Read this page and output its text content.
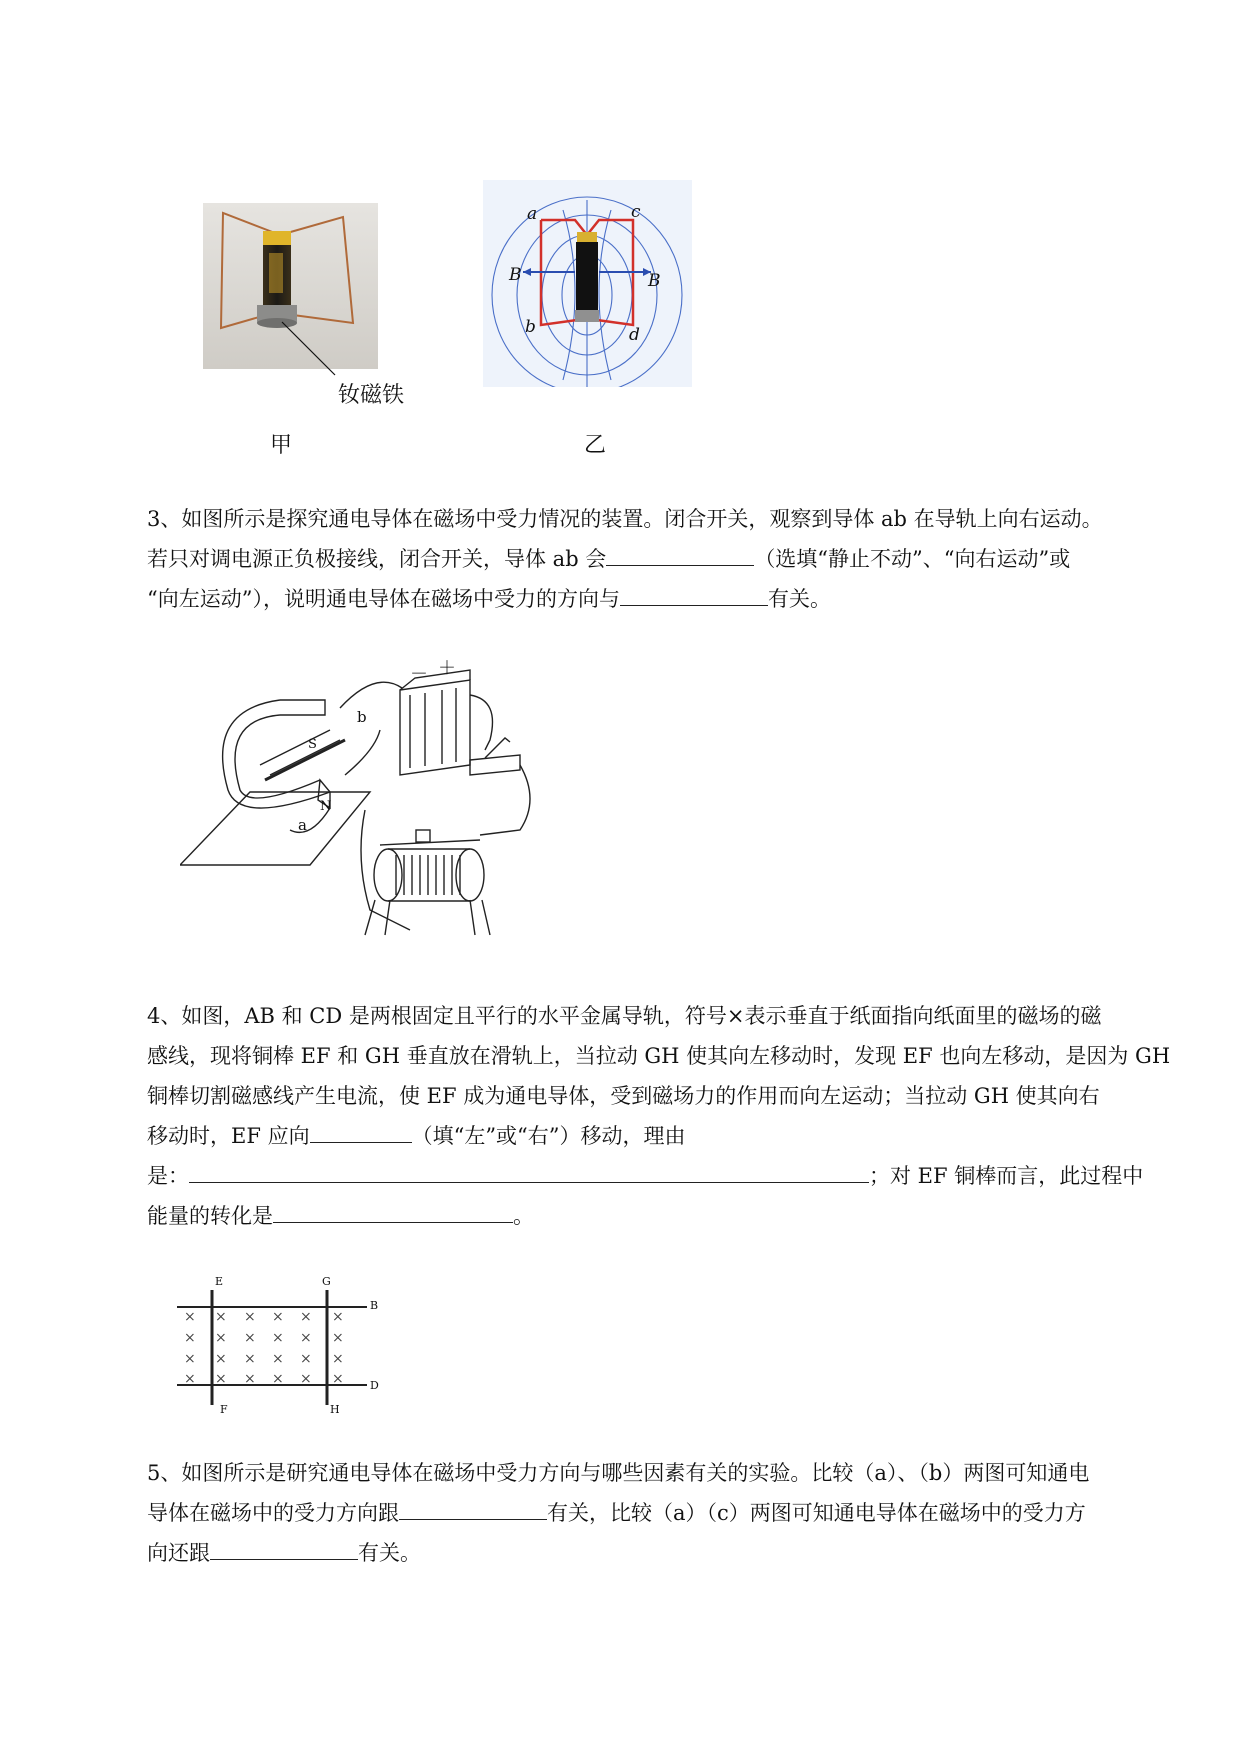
钕磁铁
甲
a	c
B	B
b	d
乙

3、如图所示是探究通电导体在磁场中受力情况的装置。闭合开关，观察到导体 ab 在导轨上向右运动。

若只对调电源正负极接线，闭合开关，导体 ab 会	（选填“静止不动”、“向右运动”或

“向左运动”），说明通电导体在磁场中受力的方向与	有关。

－ ＋
b
a
S
N

4、如图，AB 和 CD 是两根固定且平行的水平金属导轨，符号×表示垂直于纸面指向纸面里的磁场的磁

感线，现将铜棒 EF 和 GH 垂直放在滑轨上，当拉动 GH 使其向左移动时，发现 EF 也向左移动，是因为 GH

铜棒切割磁感线产生电流，使 EF 成为通电导体，受到磁场力的作用而向左运动；当拉动 GH 使其向右

移动时，EF 应向	（填“左”或“右”）移动，理由

是：	；对 EF 铜棒而言，此过程中

能量的转化是	。

×
×
×
×
×
×
×
×
×
×
×
×
×
×
×
×
×
×
×
×
×
×
×
×
E	G
F	H
B
D

5、如图所示是研究通电导体在磁场中受力方向与哪些因素有关的实验。比较（a）、（b）两图可知通电

导体在磁场中的受力方向跟	有关，比较（a）（c）两图可知通电导体在磁场中的受力方

向还跟	有关。
